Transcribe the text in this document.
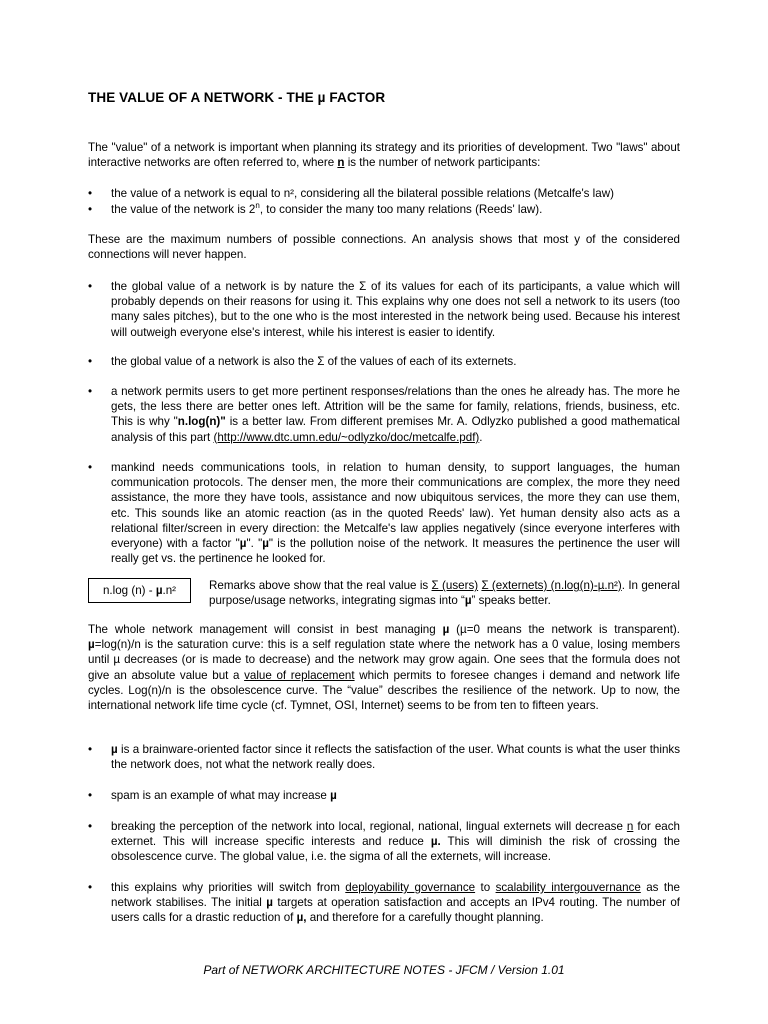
THE VALUE OF A NETWORK - THE µ FACTOR

The "value" of a network is important when planning its strategy and its priorities of development. Two "laws" about interactive networks are often referred to, where n is the number of network participants:

• the value of a network is equal to n², considering all the bilateral possible relations (Metcalfe's law)

• the value of the network is 2$^n$, to consider the many too many relations (Reeds' law).

These are the maximum numbers of possible connections. An analysis shows that most y of the considered connections will never happen.

• the global value of a network is by nature the Σ of its values for each of its participants, a value which will probably depends on their reasons for using it. This explains why one does not sell a network to its users (too many sales pitches), but to the one who is the most interested in the network being used. Because his interest will outweigh everyone else's interest, while his interest is easier to identify.

• the global value of a network is also the Σ of the values of each of its externets.

• a network permits users to get more pertinent responses/relations than the ones he already has. The more he gets, the less there are better ones left. Attrition will be the same for family, relations, friends, business, etc. This is why "n.log(n)" is a better law. From different premises Mr. A. Odlyzko published a good mathematical analysis of this part (http://www.dtc.umn.edu/~odlyzko/doc/metcalfe.pdf).

• mankind needs communications tools, in relation to human density, to support languages, the human communication protocols. The denser men, the more their communications are complex, the more they need assistance, the more they have tools, assistance and now ubiquitous services, the more they can use them, etc. This sounds like an atomic reaction (as in the quoted Reeds' law). Yet human density also acts as a relational filter/screen in every direction: the Metcalfe's law applies negatively (since everyone interferes with everyone) with a factor "µ". "µ" is the pollution noise of the network. It measures the pertinence the user will really get vs. the pertinence he looked for.

n.log (n) - µ.n²	Remarks above show that the real value is Σ (users) Σ (externets) (n.log(n)-µ.n²). In general purpose/usage networks, integrating sigmas into “µ” speaks better.

The whole network management will consist in best managing µ (µ=0 means the network is transparent). µ=log(n)/n is the saturation curve: this is a self regulation state where the network has a 0 value, losing members until µ decreases (or is made to decrease) and the network may grow again. One sees that the formula does not give an absolute value but a value of replacement which permits to foresee changes i demand and network life cycles. Log(n)/n is the obsolescence curve. The “value” describes the resilience of the network. Up to now, the international network life time cycle (cf. Tymnet, OSI, Internet) seems to be from ten to fifteen years.

• µ is a brainware-oriented factor since it reflects the satisfaction of the user. What counts is what the user thinks the network does, not what the network really does.

• spam is an example of what may increase µ

• breaking the perception of the network into local, regional, national, lingual externets will decrease n for each externet. This will increase specific interests and reduce µ. This will diminish the risk of crossing the obsolescence curve. The global value, i.e. the sigma of all the externets, will increase.

• this explains why priorities will switch from deployability governance to scalability intergouvernance as the network stabilises. The initial µ targets at operation satisfaction and accepts an IPv4 routing. The number of users calls for a drastic reduction of µ, and therefore for a carefully thought planning.

Part of NETWORK ARCHITECTURE NOTES - JFCM / Version 1.01
